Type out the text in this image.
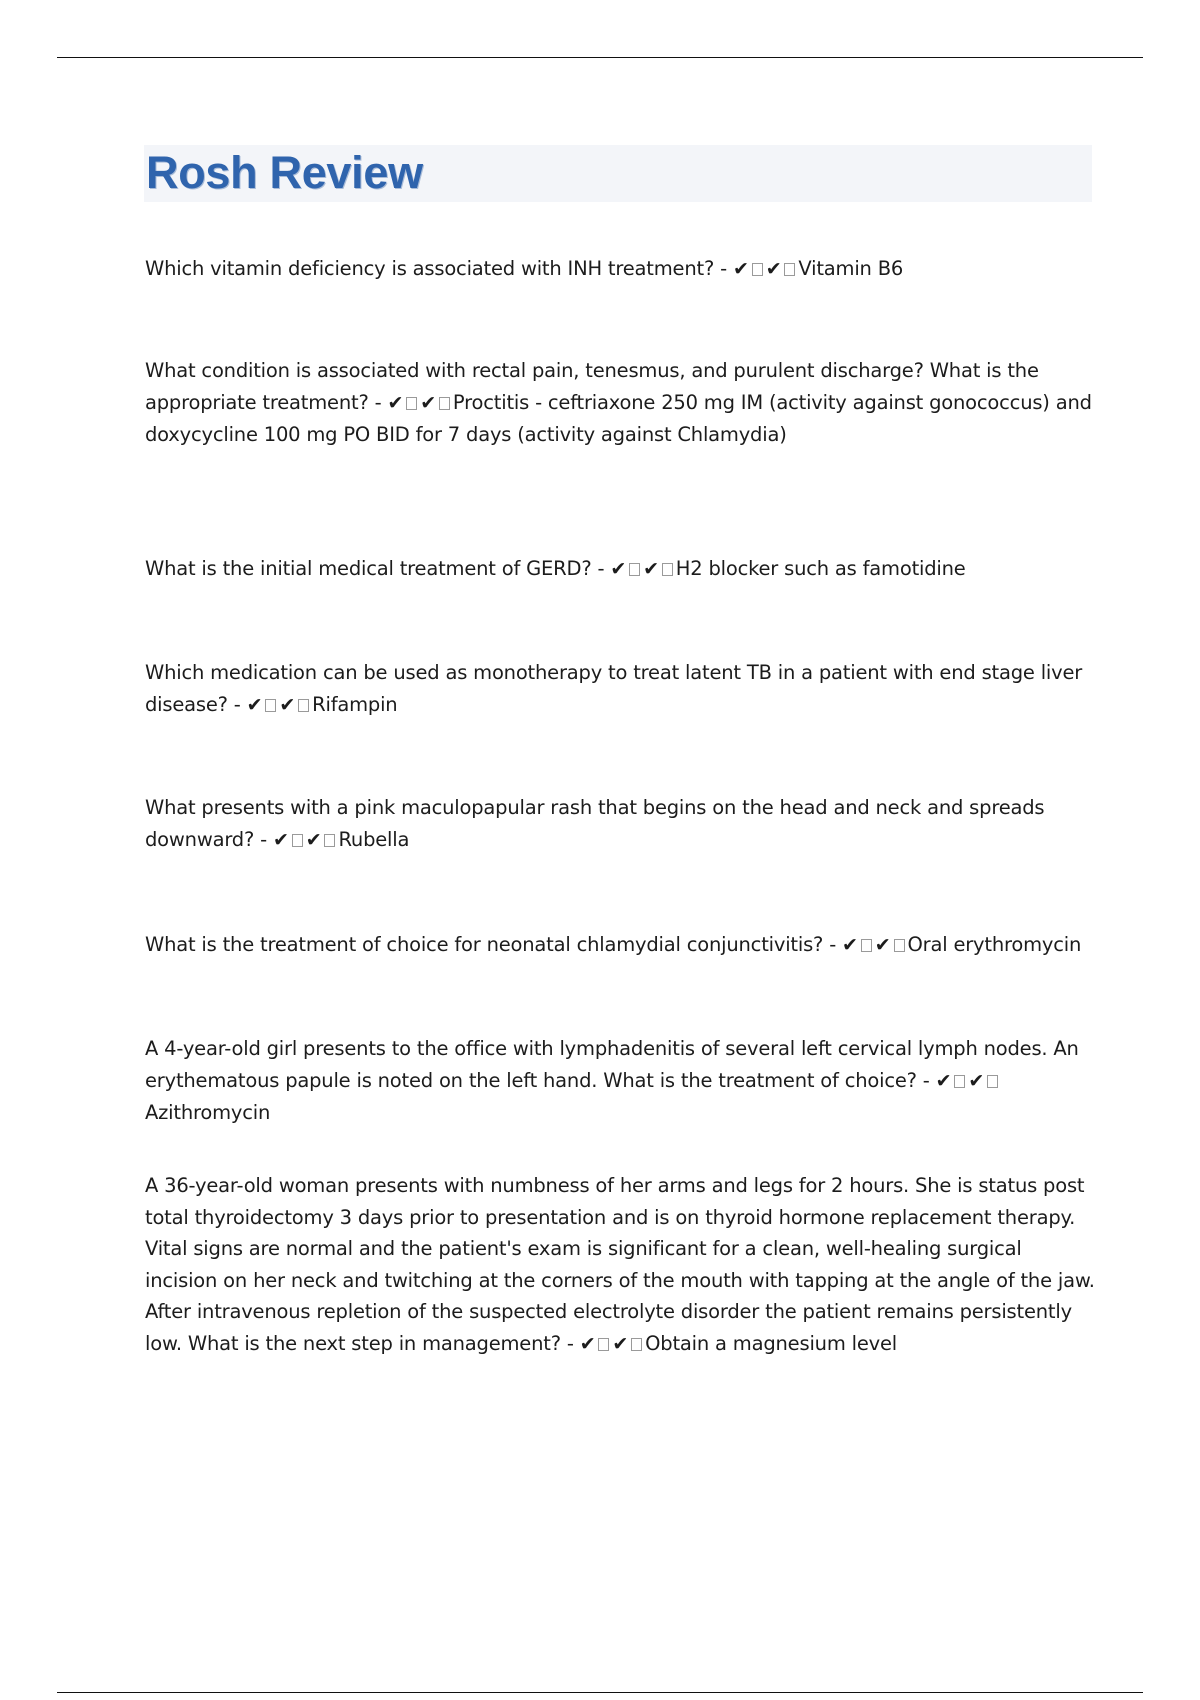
Rosh Review

Which vitamin deficiency is associated with INH treatment? - ✔ ✔ Vitamin B6

What condition is associated with rectal pain, tenesmus, and purulent discharge? What is the appropriate treatment? - ✔ ✔ Proctitis - ceftriaxone 250 mg IM (activity against gonococcus) and doxycycline 100 mg PO BID for 7 days (activity against Chlamydia)

What is the initial medical treatment of GERD? - ✔ ✔ H2 blocker such as famotidine

Which medication can be used as monotherapy to treat latent TB in a patient with end stage liver disease? - ✔ ✔ Rifampin

What presents with a pink maculopapular rash that begins on the head and neck and spreads downward? - ✔ ✔ Rubella

What is the treatment of choice for neonatal chlamydial conjunctivitis? - ✔ ✔ Oral erythromycin

A 4-year-old girl presents to the office with lymphadenitis of several left cervical lymph nodes. An erythematous papule is noted on the left hand. What is the treatment of choice? - ✔ ✔Azithromycin

A 36-year-old woman presents with numbness of her arms and legs for 2 hours. She is status post total thyroidectomy 3 days prior to presentation and is on thyroid hormone replacement therapy. Vital signs are normal and the patient's exam is significant for a clean, well-healing surgical incision on her neck and twitching at the corners of the mouth with tapping at the angle of the jaw. After intravenous repletion of the suspected electrolyte disorder the patient remains persistently low. What is the next step in management? - ✔ ✔ Obtain a magnesium level
